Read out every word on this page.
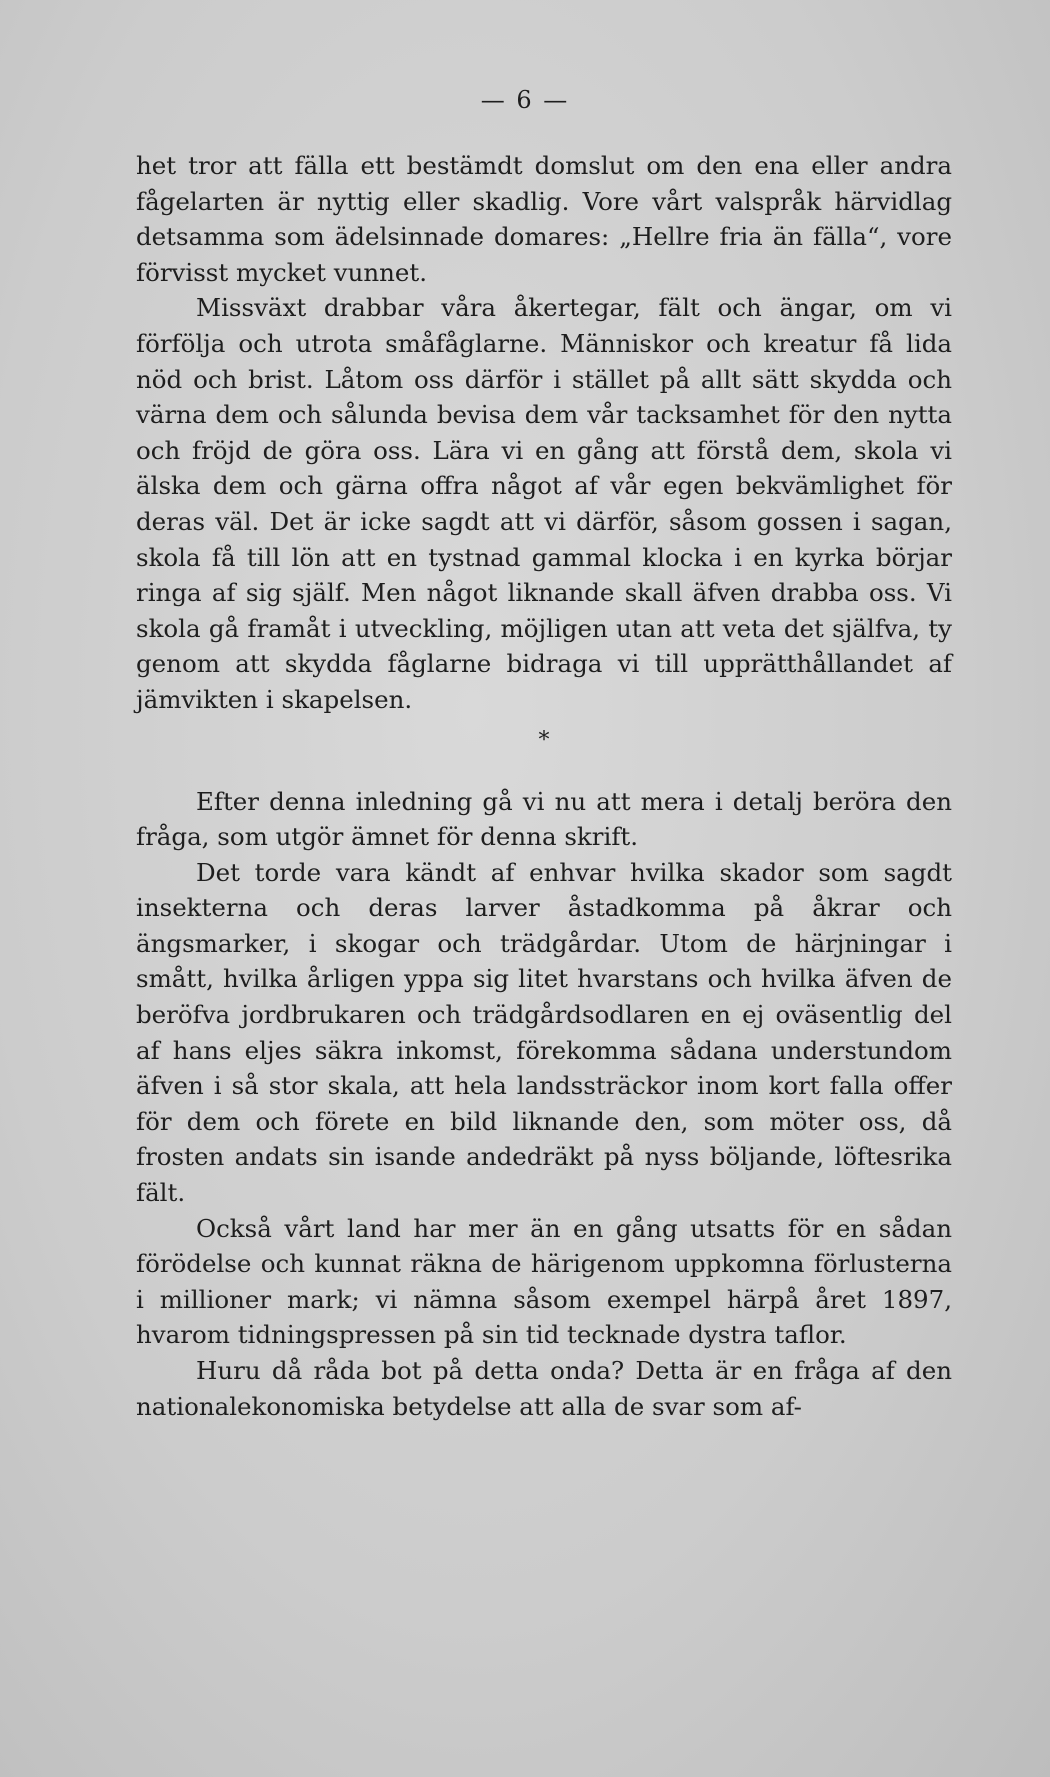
— 6 —

het tror att fälla ett bestämdt domslut om den ena eller andra fågelarten är nyttig eller skadlig. Vore vårt valspråk härvidlag detsamma som ädelsinnade domares: „Hellre fria än fälla“, vore förvisst mycket vunnet.

Missväxt drabbar våra åkertegar, fält och ängar, om vi förfölja och utrota småfåglarne. Människor och kreatur få lida nöd och brist. Låtom oss därför i stället på allt sätt skydda och värna dem och sålunda bevisa dem vår tacksamhet för den nytta och fröjd de göra oss. Lära vi en gång att förstå dem, skola vi älska dem och gärna offra något af vår egen bekvämlighet för deras väl. Det är icke sagdt att vi därför, såsom gossen i sagan, skola få till lön att en tystnad gammal klocka i en kyrka börjar ringa af sig själf. Men något liknande skall äfven drabba oss. Vi skola gå framåt i utveckling, möjligen utan att veta det själfva, ty genom att skydda fåglarne bidraga vi till upprätthållandet af jämvikten i skapelsen.

*

Efter denna inledning gå vi nu att mera i detalj beröra den fråga, som utgör ämnet för denna skrift.

Det torde vara kändt af enhvar hvilka skador som sagdt insekterna och deras larver åstadkomma på åkrar och ängsmarker, i skogar och trädgårdar. Utom de härjningar i smått, hvilka årligen yppa sig litet hvarstans och hvilka äfven de beröfva jordbrukaren och trädgårdsodlaren en ej oväsentlig del af hans eljes säkra inkomst, förekomma sådana understundom äfven i så stor skala, att hela landssträckor inom kort falla offer för dem och förete en bild liknande den, som möter oss, då frosten andats sin isande andedräkt på nyss böljande, löftesrika fält.

Också vårt land har mer än en gång utsatts för en sådan förödelse och kunnat räkna de härigenom uppkomna förlusterna i millioner mark; vi nämna såsom exempel härpå året 1897, hvarom tidningspressen på sin tid tecknade dystra taflor.

Huru då råda bot på detta onda? Detta är en fråga af den nationalekonomiska betydelse att alla de svar som af-
